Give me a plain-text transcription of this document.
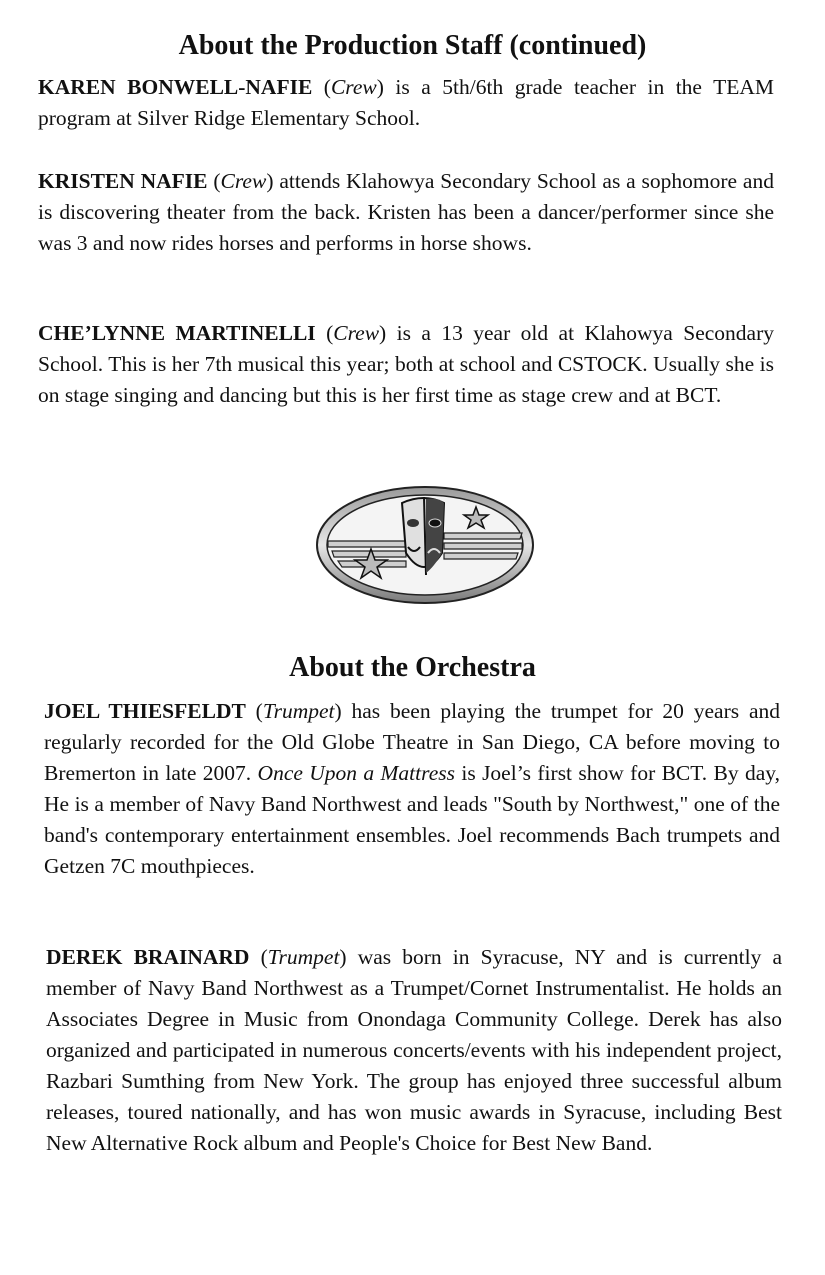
About the Production Staff (continued)

KAREN BONWELL-NAFIE (Crew) is a 5th/6th grade teacher in the TEAM program at Silver Ridge Elementary School.

KRISTEN NAFIE (Crew) attends Klahowya Secondary School as a sophomore and is discovering theater from the back. Kristen has been a dancer/performer since she was 3 and now rides horses and performs in horse shows.

CHE’LYNNE MARTINELLI (Crew) is a 13 year old at Klahowya Secondary School. This is her 7th musical this year; both at school and CSTOCK. Usually she is on stage singing and dancing but this is her first time as stage crew and at BCT.

About the Orchestra

JOEL THIESFELDT (Trumpet) has been playing the trumpet for 20 years and regularly recorded for the Old Globe Theatre in San Diego, CA before moving to Bremerton in late 2007. Once Upon a Mattress is Joel’s first show for BCT. By day, He is a member of Navy Band Northwest and leads "South by Northwest," one of the band's contemporary entertainment ensembles. Joel recommends Bach trumpets and Getzen 7C mouthpieces.

DEREK BRAINARD (Trumpet) was born in Syracuse, NY and is currently a member of Navy Band Northwest as a Trumpet/Cornet Instrumentalist. He holds an Associates Degree in Music from Onondaga Community College. Derek has also organized and participated in numerous concerts/events with his independent project, Razbari Sumthing from New York. The group has enjoyed three successful album releases, toured nationally, and has won music awards in Syracuse, including Best New Alternative Rock album and People's Choice for Best New Band.
